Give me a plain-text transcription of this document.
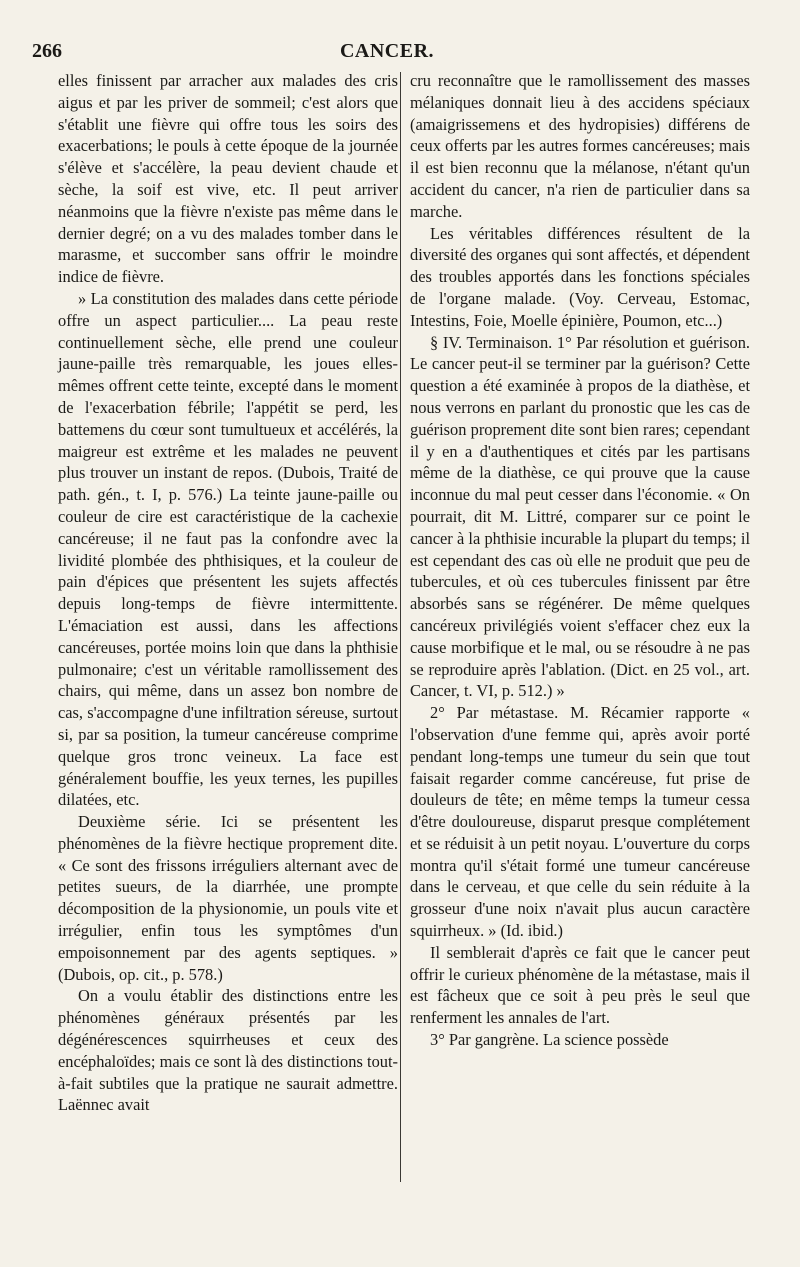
266	CANCER.

elles finissent par arracher aux malades des cris aigus et par les priver de sommeil; c'est alors que s'établit une fièvre qui offre tous les soirs des exacerbations; le pouls à cette époque de la journée s'élève et s'accélère, la peau devient chaude et sèche, la soif est vive, etc. Il peut arriver néanmoins que la fièvre n'existe pas même dans le dernier degré; on a vu des malades tomber dans le marasme, et succomber sans offrir le moindre indice de fièvre.

» La constitution des malades dans cette période offre un aspect particulier.... La peau reste continuellement sèche, elle prend une couleur jaune-paille très remarquable, les joues elles-mêmes offrent cette teinte, excepté dans le moment de l'exacerbation fébrile; l'appétit se perd, les battemens du cœur sont tumultueux et accélérés, la maigreur est extrême et les malades ne peuvent plus trouver un instant de repos. (Dubois, Traité de path. gén., t. I, p. 576.) La teinte jaune-paille ou couleur de cire est caractéristique de la cachexie cancéreuse; il ne faut pas la confondre avec la lividité plombée des phthisiques, et la couleur de pain d'épices que présentent les sujets affectés depuis long-temps de fièvre intermittente. L'émaciation est aussi, dans les affections cancéreuses, portée moins loin que dans la phthisie pulmonaire; c'est un véritable ramollissement des chairs, qui même, dans un assez bon nombre de cas, s'accompagne d'une infiltration séreuse, surtout si, par sa position, la tumeur cancéreuse comprime quelque gros tronc veineux. La face est généralement bouffie, les yeux ternes, les pupilles dilatées, etc.

Deuxième série. Ici se présentent les phénomènes de la fièvre hectique proprement dite. « Ce sont des frissons irréguliers alternant avec de petites sueurs, de la diarrhée, une prompte décomposition de la physionomie, un pouls vite et irrégulier, enfin tous les symptômes d'un empoisonnement par des agents septiques. » (Dubois, op. cit., p. 578.)

On a voulu établir des distinctions entre les phénomènes généraux présentés par les dégénérescences squirrheuses et ceux des encéphaloïdes; mais ce sont là des distinctions tout-à-fait subtiles que la pratique ne saurait admettre. Laënnec avait

cru reconnaître que le ramollissement des masses mélaniques donnait lieu à des accidens spéciaux (amaigrissemens et des hydropisies) différens de ceux offerts par les autres formes cancéreuses; mais il est bien reconnu que la mélanose, n'étant qu'un accident du cancer, n'a rien de particulier dans sa marche.

Les véritables différences résultent de la diversité des organes qui sont affectés, et dépendent des troubles apportés dans les fonctions spéciales de l'organe malade. (Voy. Cerveau, Estomac, Intestins, Foie, Moelle épinière, Poumon, etc...)

§ IV. Terminaison. 1° Par résolution et guérison. Le cancer peut-il se terminer par la guérison? Cette question a été examinée à propos de la diathèse, et nous verrons en parlant du pronostic que les cas de guérison proprement dite sont bien rares; cependant il y en a d'authentiques et cités par les partisans même de la diathèse, ce qui prouve que la cause inconnue du mal peut cesser dans l'économie. « On pourrait, dit M. Littré, comparer sur ce point le cancer à la phthisie incurable la plupart du temps; il est cependant des cas où elle ne produit que peu de tubercules, et où ces tubercules finissent par être absorbés sans se régénérer. De même quelques cancéreux privilégiés voient s'effacer chez eux la cause morbifique et le mal, ou se résoudre à ne pas se reproduire après l'ablation. (Dict. en 25 vol., art. Cancer, t. VI, p. 512.) »

2° Par métastase. M. Récamier rapporte « l'observation d'une femme qui, après avoir porté pendant long-temps une tumeur du sein que tout faisait regarder comme cancéreuse, fut prise de douleurs de tête; en même temps la tumeur cessa d'être douloureuse, disparut presque complétement et se réduisit à un petit noyau. L'ouverture du corps montra qu'il s'était formé une tumeur cancéreuse dans le cerveau, et que celle du sein réduite à la grosseur d'une noix n'avait plus aucun caractère squirrheux. » (Id. ibid.)

Il semblerait d'après ce fait que le cancer peut offrir le curieux phénomène de la métastase, mais il est fâcheux que ce soit à peu près le seul que renferment les annales de l'art.

3° Par gangrène. La science possède
